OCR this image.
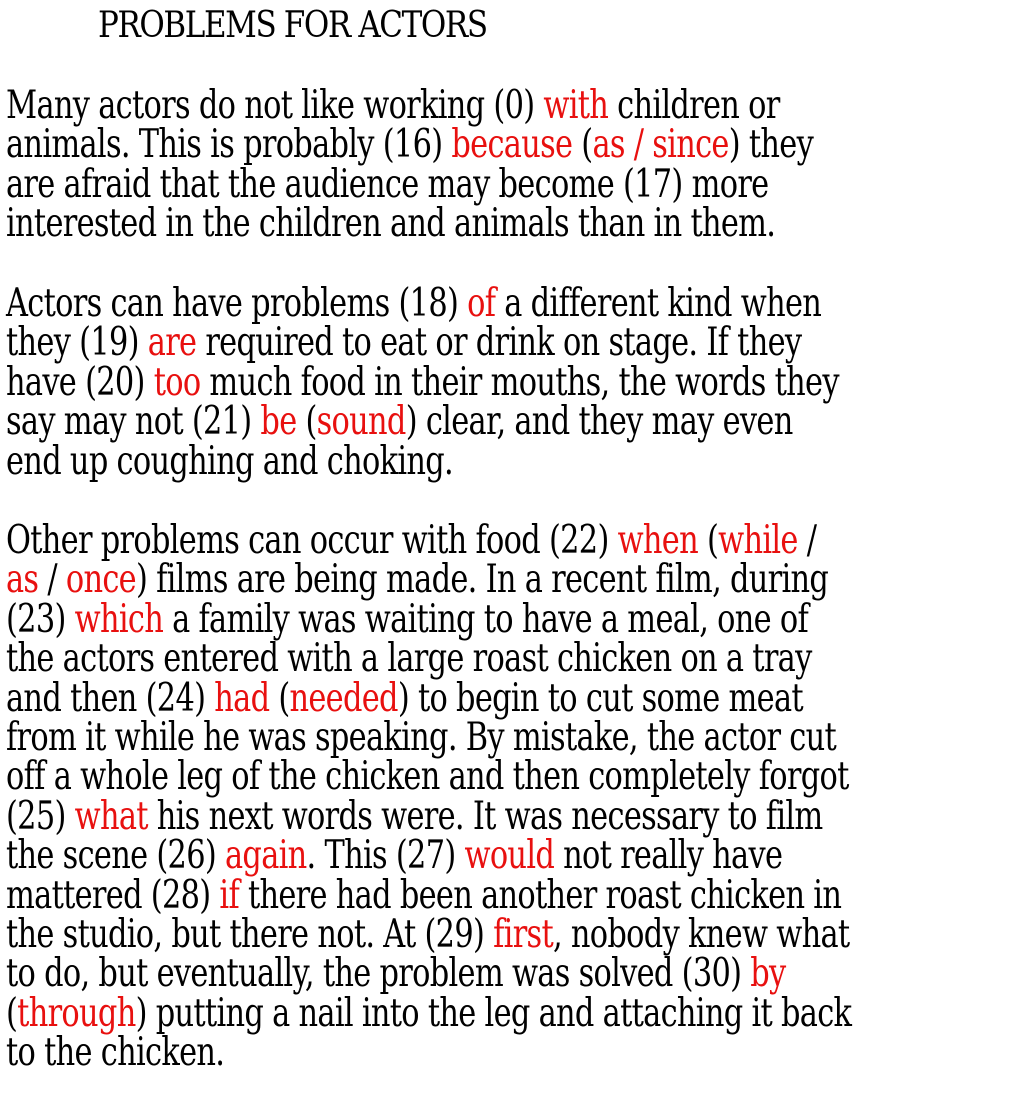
PROBLEMS FOR ACTORS
Many actors do not like working (0) with children or
animals. This is probably (16) because (as / since) they
are afraid that the audience may become (17) more
interested in the children and animals than in them.
Actors can have problems (18) of a different kind when
they (19) are required to eat or drink on stage. If they
have (20) too much food in their mouths, the words they
say may not (21) be (sound) clear, and they may even
end up coughing and choking.
Other problems can occur with food (22) when (while /
as / once) films are being made. In a recent film, during
(23) which a family was waiting to have a meal, one of
the actors entered with a large roast chicken on a tray
and then (24) had (needed) to begin to cut some meat
from it while he was speaking. By mistake, the actor cut
off a whole leg of the chicken and then completely forgot
(25) what his next words were. It was necessary to film
the scene (26) again. This (27) would not really have
mattered (28) if there had been another roast chicken in
the studio, but there not. At (29) first, nobody knew what
to do, but eventually, the problem was solved (30) by
(through) putting a nail into the leg and attaching it back
to the chicken.
